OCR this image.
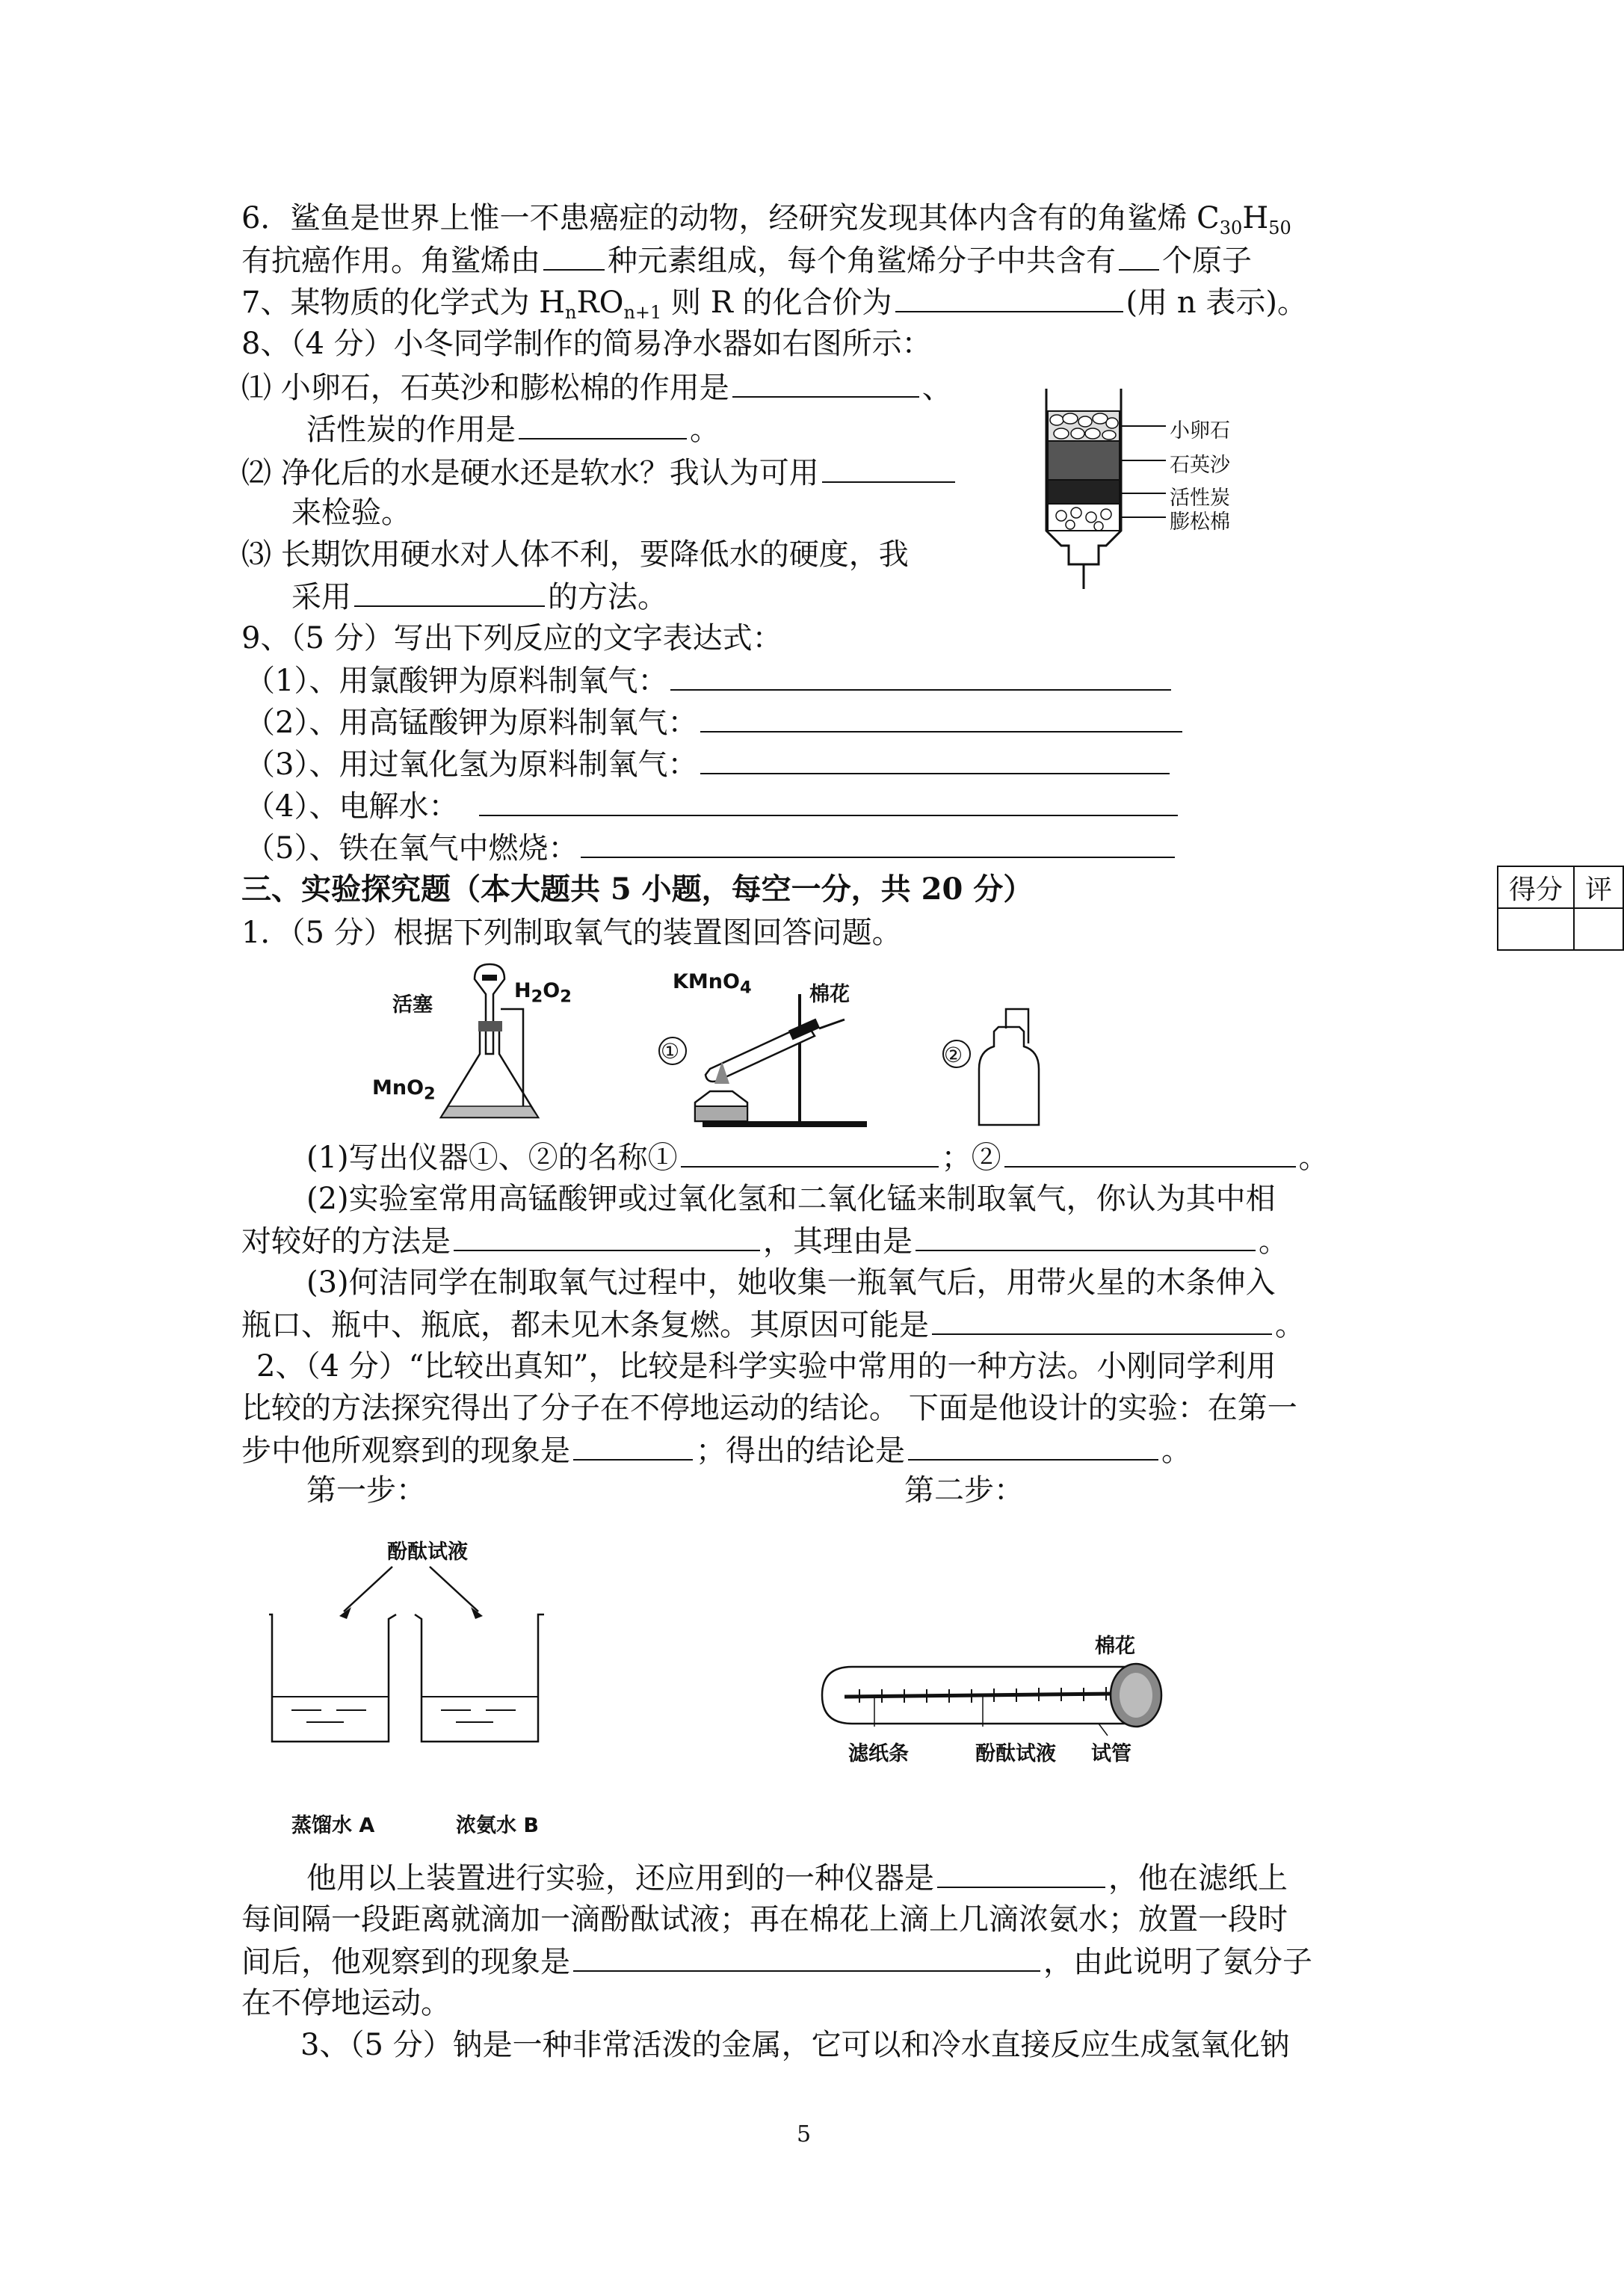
6．鲨鱼是世界上惟一不患癌症的动物，经研究发现其体内含有的角鲨烯 $C_{30}H_{50}$
有抗癌作用。角鲨烯由 种元素组成，每个角鲨烯分子中共含有 个原子
7、某物质的化学式为 $H_nRO_{n+1}$ 则 R 的化合价为	(用 n 表示)。
8、（4 分）小冬同学制作的简易净水器如右图所示：
⑴ 小卵石，石英沙和膨松棉的作用是	、
活性炭的作用是	。
⑵ 净化后的水是硬水还是软水？我认为可用
来检验。
⑶ 长期饮用硬水对人体不利，要降低水的硬度，我
采用	的方法。
小卵石
石英沙
活性炭
膨松棉
9、（5 分）写出下列反应的文字表达式：
（1）、用氯酸钾为原料制氧气：
（2）、用高锰酸钾为原料制氧气：
（3）、用过氧化氢为原料制氧气：
（4）、电解水：
（5）、铁在氧气中燃烧：
三、实验探究题（本大题共 5 小题，每空一分，共 20 分）	得分	评

1．（5 分）根据下列制取氧气的装置图回答问题。
活塞
$H_2O_2$
MnO$_2$
①
KMnO$_4$	棉花
②
(1)写出仪器①、②的名称①	；②	。
(2)实验室常用高锰酸钾或过氧化氢和二氧化锰来制取氧气，你认为其中相
对较好的方法是	，其理由是	。
(3)何洁同学在制取氧气过程中，她收集一瓶氧气后，用带火星的木条伸入
瓶口、瓶中、瓶底，都未见木条复燃。其原因可能是	。
2、（4 分）“比较出真知”，比较是科学实验中常用的一种方法。小刚同学利用
比较的方法探究得出了分子在不停地运动的结论。 下面是他设计的实验：在第一
步中他所观察到的现象是	；得出的结论是	。
第一步：	第二步：
酚酞试液
蒸馏水 A	浓氨水 B
棉花
滤纸条	酚酞试液 试管
他用以上装置进行实验，还应用到的一种仪器是	，他在滤纸上
每间隔一段距离就滴加一滴酚酞试液；再在棉花上滴上几滴浓氨水；放置一段时
间后，他观察到的现象是	，由此说明了氨分子
在不停地运动。
3、（5 分）钠是一种非常活泼的金属，它可以和冷水直接反应生成氢氧化钠
5
